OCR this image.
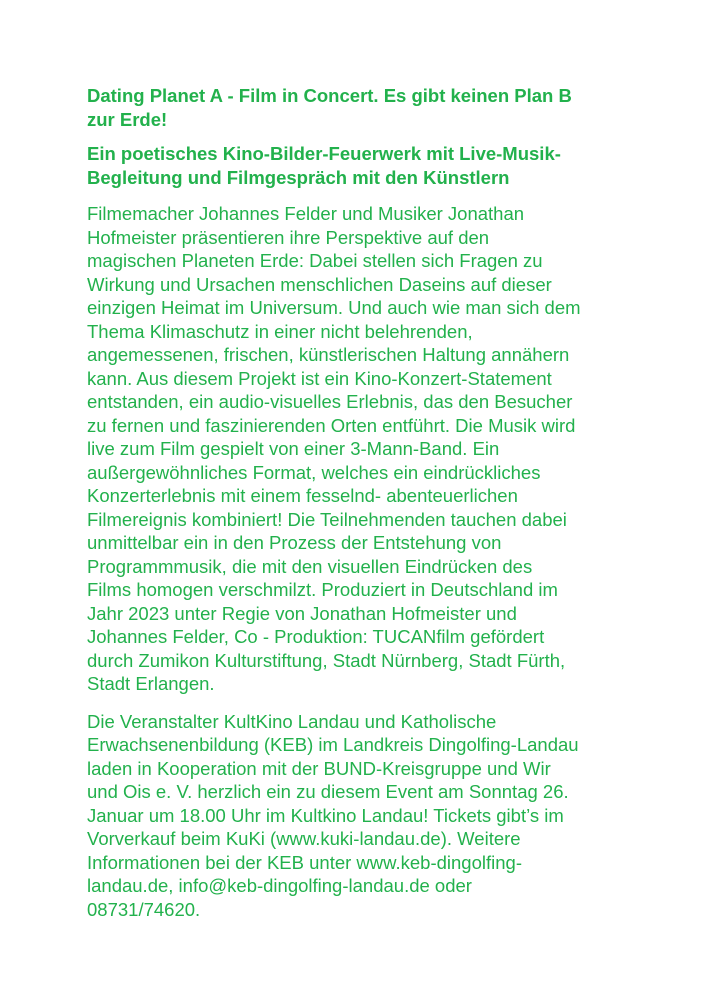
Dating Planet A - Film in Concert. Es gibt keinen Plan B
zur Erde!
Ein poetisches Kino-Bilder-Feuerwerk mit Live-Musik-
Begleitung und Filmgespräch mit den Künstlern
Filmemacher Johannes Felder und Musiker Jonathan
Hofmeister präsentieren ihre Perspektive auf den
magischen Planeten Erde: Dabei stellen sich Fragen zu
Wirkung und Ursachen menschlichen Daseins auf dieser
einzigen Heimat im Universum. Und auch wie man sich dem
Thema Klimaschutz in einer nicht belehrenden,
angemessenen, frischen, künstlerischen Haltung annähern
kann. Aus diesem Projekt ist ein Kino-Konzert-Statement
entstanden, ein audio-visuelles Erlebnis, das den Besucher
zu fernen und faszinierenden Orten entführt. Die Musik wird
live zum Film gespielt von einer 3-Mann-Band. Ein
außergewöhnliches Format, welches ein eindrückliches
Konzerterlebnis mit einem fesselnd- abenteuerlichen
Filmereignis kombiniert! Die Teilnehmenden tauchen dabei
unmittelbar ein in den Prozess der Entstehung von
Programmmusik, die mit den visuellen Eindrücken des
Films homogen verschmilzt. Produziert in Deutschland im
Jahr 2023 unter Regie von Jonathan Hofmeister und
Johannes Felder, Co - Produktion: TUCANfilm gefördert
durch Zumikon Kulturstiftung, Stadt Nürnberg, Stadt Fürth,
Stadt Erlangen.
Die Veranstalter KultKino Landau und Katholische
Erwachsenenbildung (KEB) im Landkreis Dingolfing-Landau
laden in Kooperation mit der BUND-Kreisgruppe und Wir
und Ois e. V. herzlich ein zu diesem Event am Sonntag 26.
Januar um 18.00 Uhr im Kultkino Landau! Tickets gibt’s im
Vorverkauf beim KuKi (www.kuki-landau.de). Weitere
Informationen bei der KEB unter www.keb-dingolfing-
landau.de, info@keb-dingolfing-landau.de oder
08731/74620.
